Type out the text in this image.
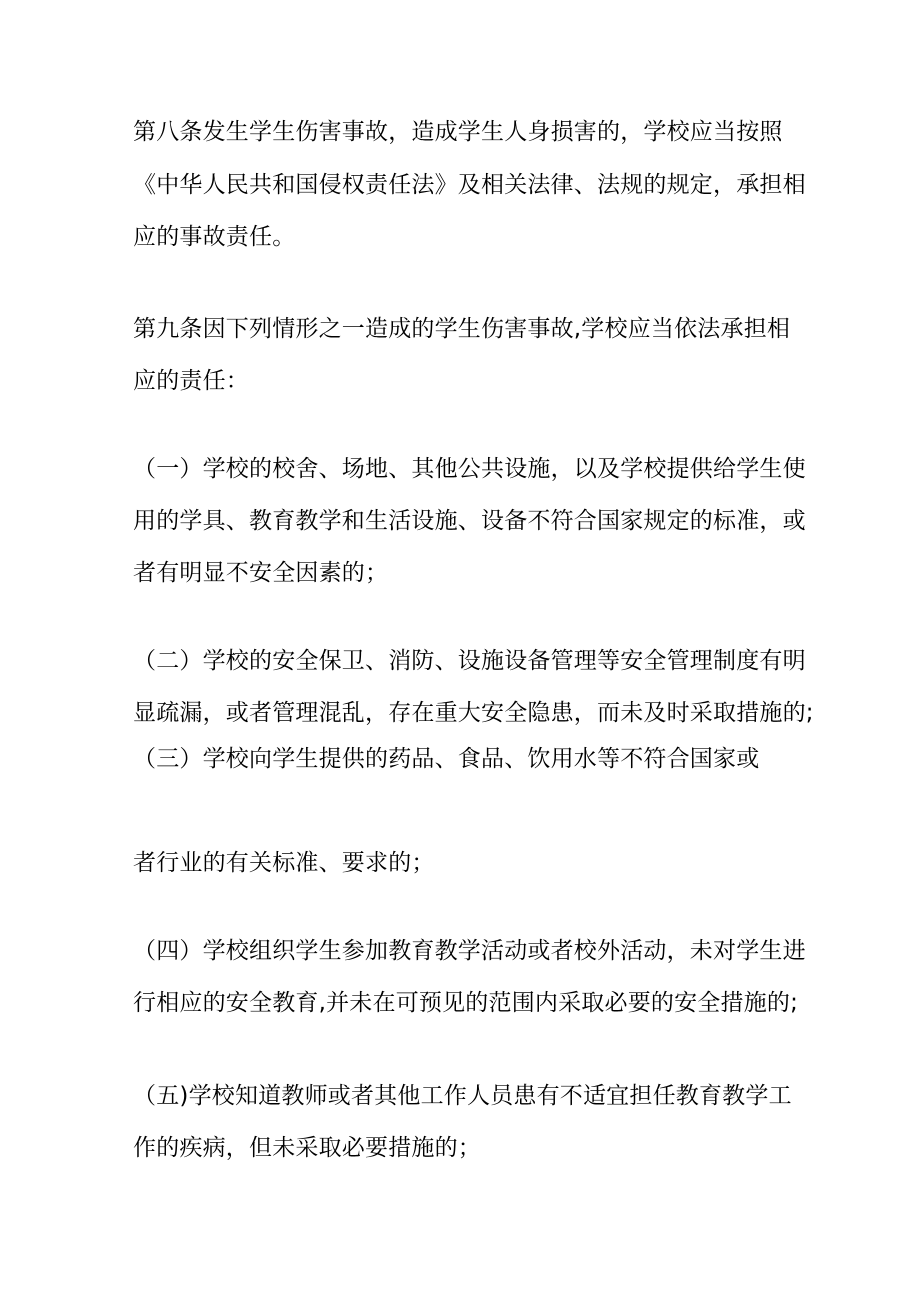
第八条发生学生伤害事故，造成学生人身损害的，学校应当按照

《中华人民共和国侵权责任法》及相关法律、法规的规定，承担相

应的事故责任。

第九条因下列情形之一造成的学生伤害事故,学校应当依法承担相

应的责任：

（一）学校的校舍、场地、其他公共设施，以及学校提供给学生使

用的学具、教育教学和生活设施、设备不符合国家规定的标准，或

者有明显不安全因素的；

（二）学校的安全保卫、消防、设施设备管理等安全管理制度有明

显疏漏，或者管理混乱，存在重大安全隐患，而未及时采取措施的;

（三）学校向学生提供的药品、食品、饮用水等不符合国家或

者行业的有关标准、要求的；

（四）学校组织学生参加教育教学活动或者校外活动，未对学生进

行相应的安全教育,并未在可预见的范围内采取必要的安全措施的;

（五)学校知道教师或者其他工作人员患有不适宜担任教育教学工

作的疾病，但未采取必要措施的；
